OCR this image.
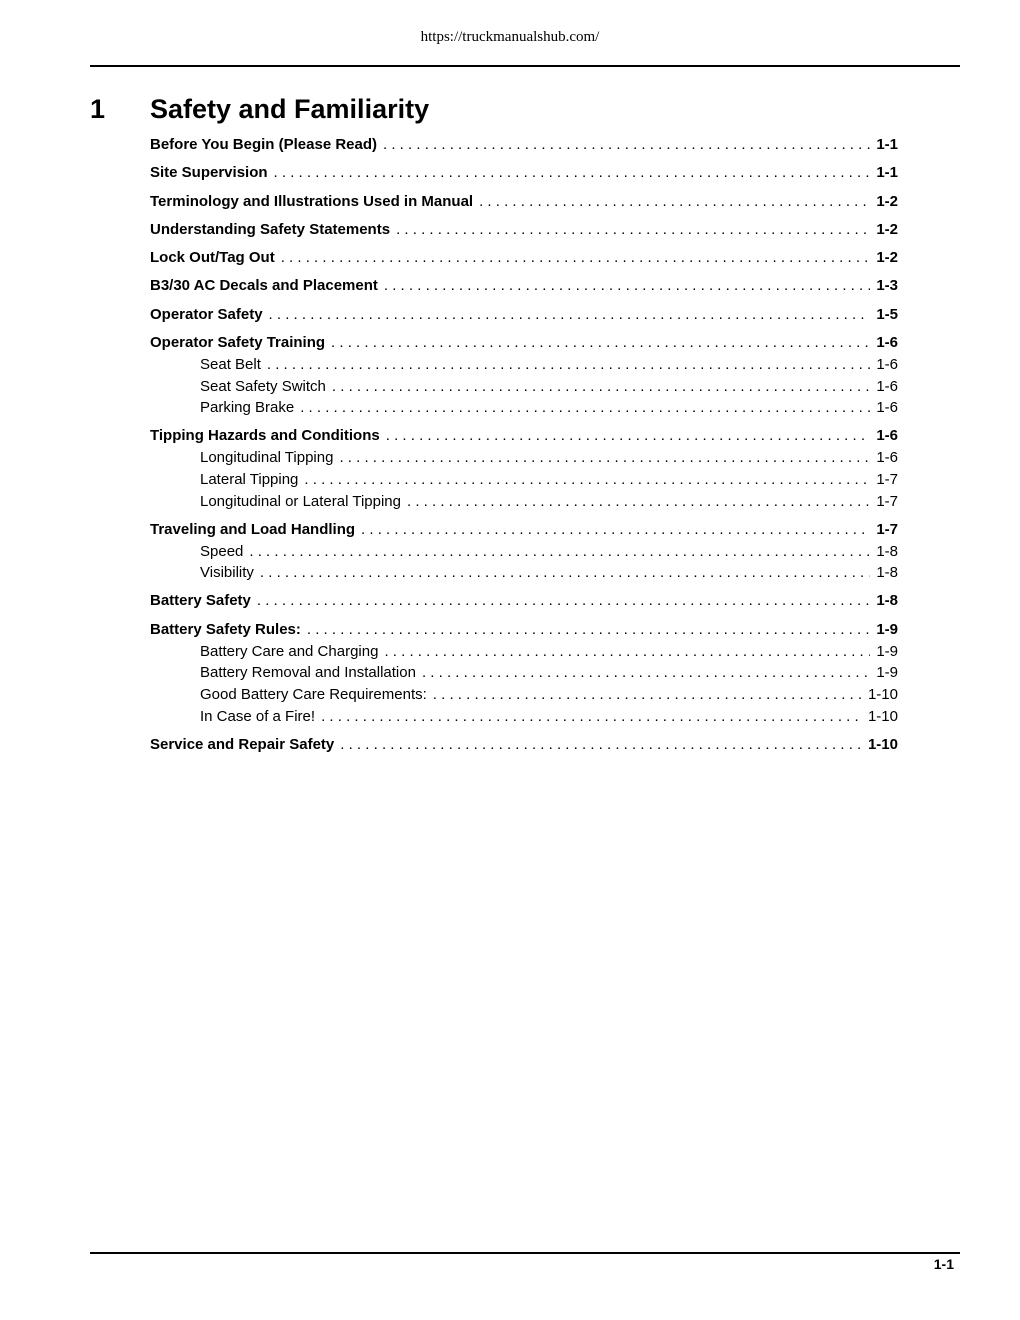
https://truckmanualshub.com/
1 Safety and Familiarity
Before You Begin (Please Read) . . .	1-1
Site Supervision . . .	1-1
Terminology and Illustrations Used in Manual . . .	1-2
Understanding Safety Statements . . .	1-2
Lock Out/Tag Out . . .	1-2
B3/30 AC Decals and Placement . . .	1-3
Operator Safety . . .	1-5
Operator Safety Training . . .	1-6
Seat Belt . . .	1-6
Seat Safety Switch . . .	1-6
Parking Brake . . .	1-6
Tipping Hazards and Conditions . . .	1-6
Longitudinal Tipping . . .	1-6
Lateral Tipping . . .	1-7
Longitudinal or Lateral Tipping . . .	1-7
Traveling and Load Handling . . .	1-7
Speed . . .	1-8
Visibility . . .	1-8
Battery Safety . . .	1-8
Battery Safety Rules: . . .	1-9
Battery Care and Charging . . .	1-9
Battery Removal and Installation . . .	1-9
Good Battery Care Requirements: . . .	1-10
In Case of a Fire! . . .	1-10
Service and Repair Safety . . .	1-10
1-1
